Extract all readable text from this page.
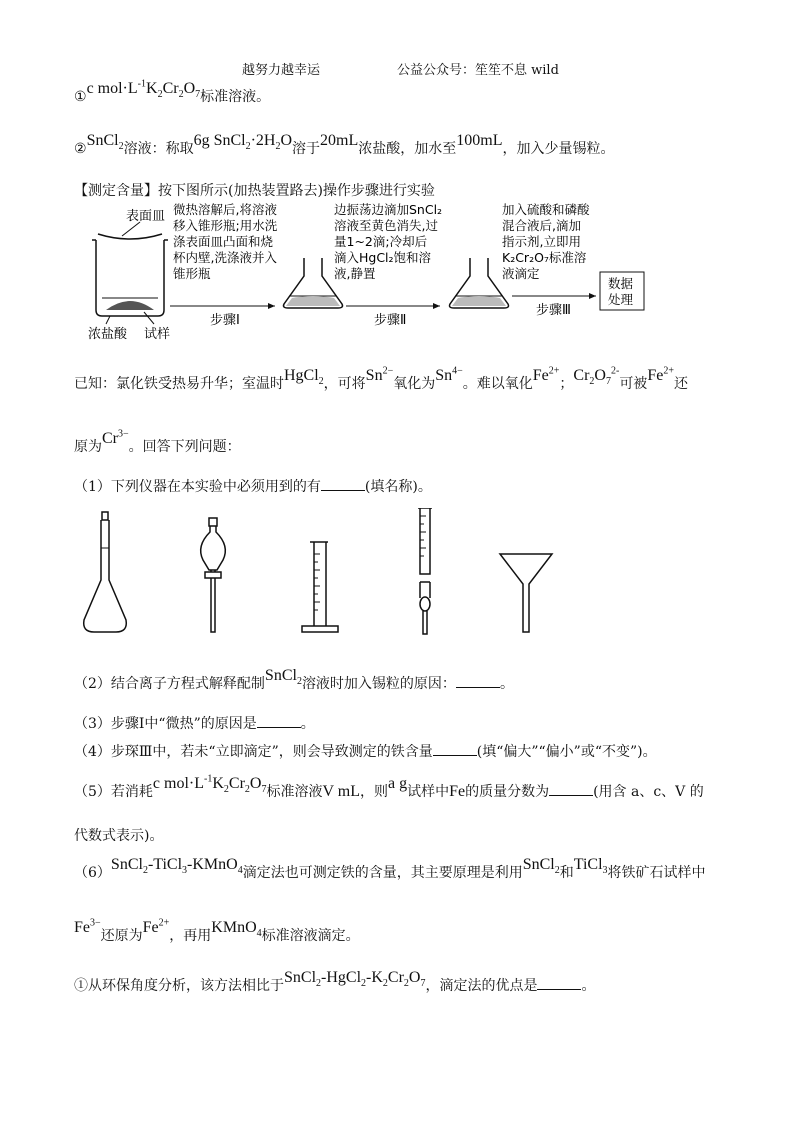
越努力越幸运	公益公众号：笙笙不息 wild
①c $mol\cdot L^{-1}K_2Cr_2O_7$标准溶液。
②SnCl$_2$溶液：称取6g $SnCl_2\cdot 2H_2O$溶于20mL浓盐酸，加水至100mL，加入少量锡粒。
【测定含量】按下图所示(加热装置路去)操作步骤进行实验
表面皿
浓盐酸 试样
微热溶解后,将溶液
移入锥形瓶;用水洗
涤表面皿凸面和烧
杯内壁,洗涤液并入
锥形瓶
步骤Ⅰ
边振荡边滴加SnCl₂
溶液至黄色消失,过
量1~2滴;冷却后
滴入HgCl₂饱和溶
液,静置
步骤Ⅱ
加入硫酸和磷酸
混合液后,滴加
指示剂,立即用
K₂Cr₂O₇标准溶
液滴定
步骤Ⅲ
数据
处理
已知：氯化铁受热易升华；室温时HgCl$_2$，可将$Sn^{2-}$氧化为$Sn^{4-}$。难以氧化$Fe^{2+}$；$Cr_2O_7^{2-}$可被$Fe^{2+}$还
原为$Cr^{3-}$。回答下列问题：
（1）下列仪器在本实验中必须用到的有	(填名称)。
（2）结合离子方程式解释配制SnCl$_2$溶液时加入锡粒的原因：	。
（3）步骤Ⅰ中“微热”的原因是	。
（4）步琛Ⅲ中，若未“立即滴定”，则会导致测定的铁含量	(填“偏大”“偏小”或“不变”)。
（5）若消耗c $mol\cdot L^{-1}K_2Cr_2O_7$标准溶液V mL，则a g试样中Fe的质量分数为	(用含 a、c、V 的
代数式表示)。
（6）SnCl$_2$-TiCl$_3$-KMnO$_4$滴定法也可测定铁的含量，其主要原理是利用SnCl$_2$和TiCl$_3$将铁矿石试样中
$Fe^{3-}$还原为$Fe^{2+}$，再用KMnO$_4$标准溶液滴定。
①从环保角度分析，该方法相比于$SnCl_2-HgCl_2-K_2Cr_2O_7$，滴定法的优点是	。
